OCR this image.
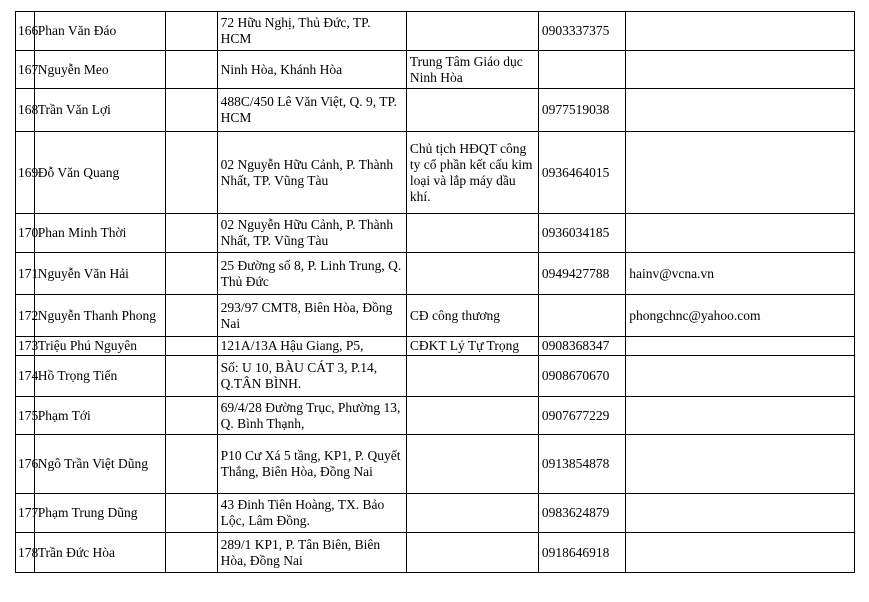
166	Phan Văn Đáo		72 Hữu Nghị, Thủ Đức, TP. HCM		0903337375	
167	Nguyễn Meo		Ninh Hòa, Khánh Hòa	Trung Tâm Giáo dục Ninh Hòa		
168	Trần Văn Lợi		488C/450 Lê Văn Việt, Q. 9, TP. HCM		0977519038	
169	Đỗ Văn Quang		02 Nguyễn Hữu Cảnh, P. Thành Nhất, TP. Vũng Tàu	Chủ tịch HĐQT công ty cổ phần kết cấu kim loại và lắp máy dầu khí.	0936464015	
170	Phan Minh Thời		02 Nguyễn Hữu Cảnh, P. Thành Nhất, TP. Vũng Tàu		0936034185	
171	Nguyễn Văn Hải		25 Đường số 8, P. Linh Trung, Q. Thủ Đức		0949427788	hainv@vcna.vn
172	Nguyễn Thanh Phong		293/97 CMT8, Biên Hòa, Đồng Nai	CĐ công thương		phongchnc@yahoo.com
173	Triệu Phú Nguyên		121A/13A Hậu Giang, P5,	CĐKT Lý Tự Trọng	0908368347	
174	Hồ Trọng Tiến		Số: U 10, BÀU CÁT 3, P.14, Q.TÂN BÌNH.		0908670670	
175	Phạm Tới		69/4/28 Đường Trục, Phường 13, Q. Bình Thạnh,		0907677229	
176	Ngô Trần Việt Dũng		P10 Cư Xá 5 tầng, KP1, P. Quyết Thắng, Biên Hòa, Đồng Nai		0913854878	
177	Phạm Trung Dũng		43 Đinh Tiên Hoàng, TX. Bảo Lộc, Lâm Đồng.		0983624879	
178	Trần Đức Hòa		289/1 KP1, P. Tân Biên, Biên Hòa, Đồng Nai		0918646918	
